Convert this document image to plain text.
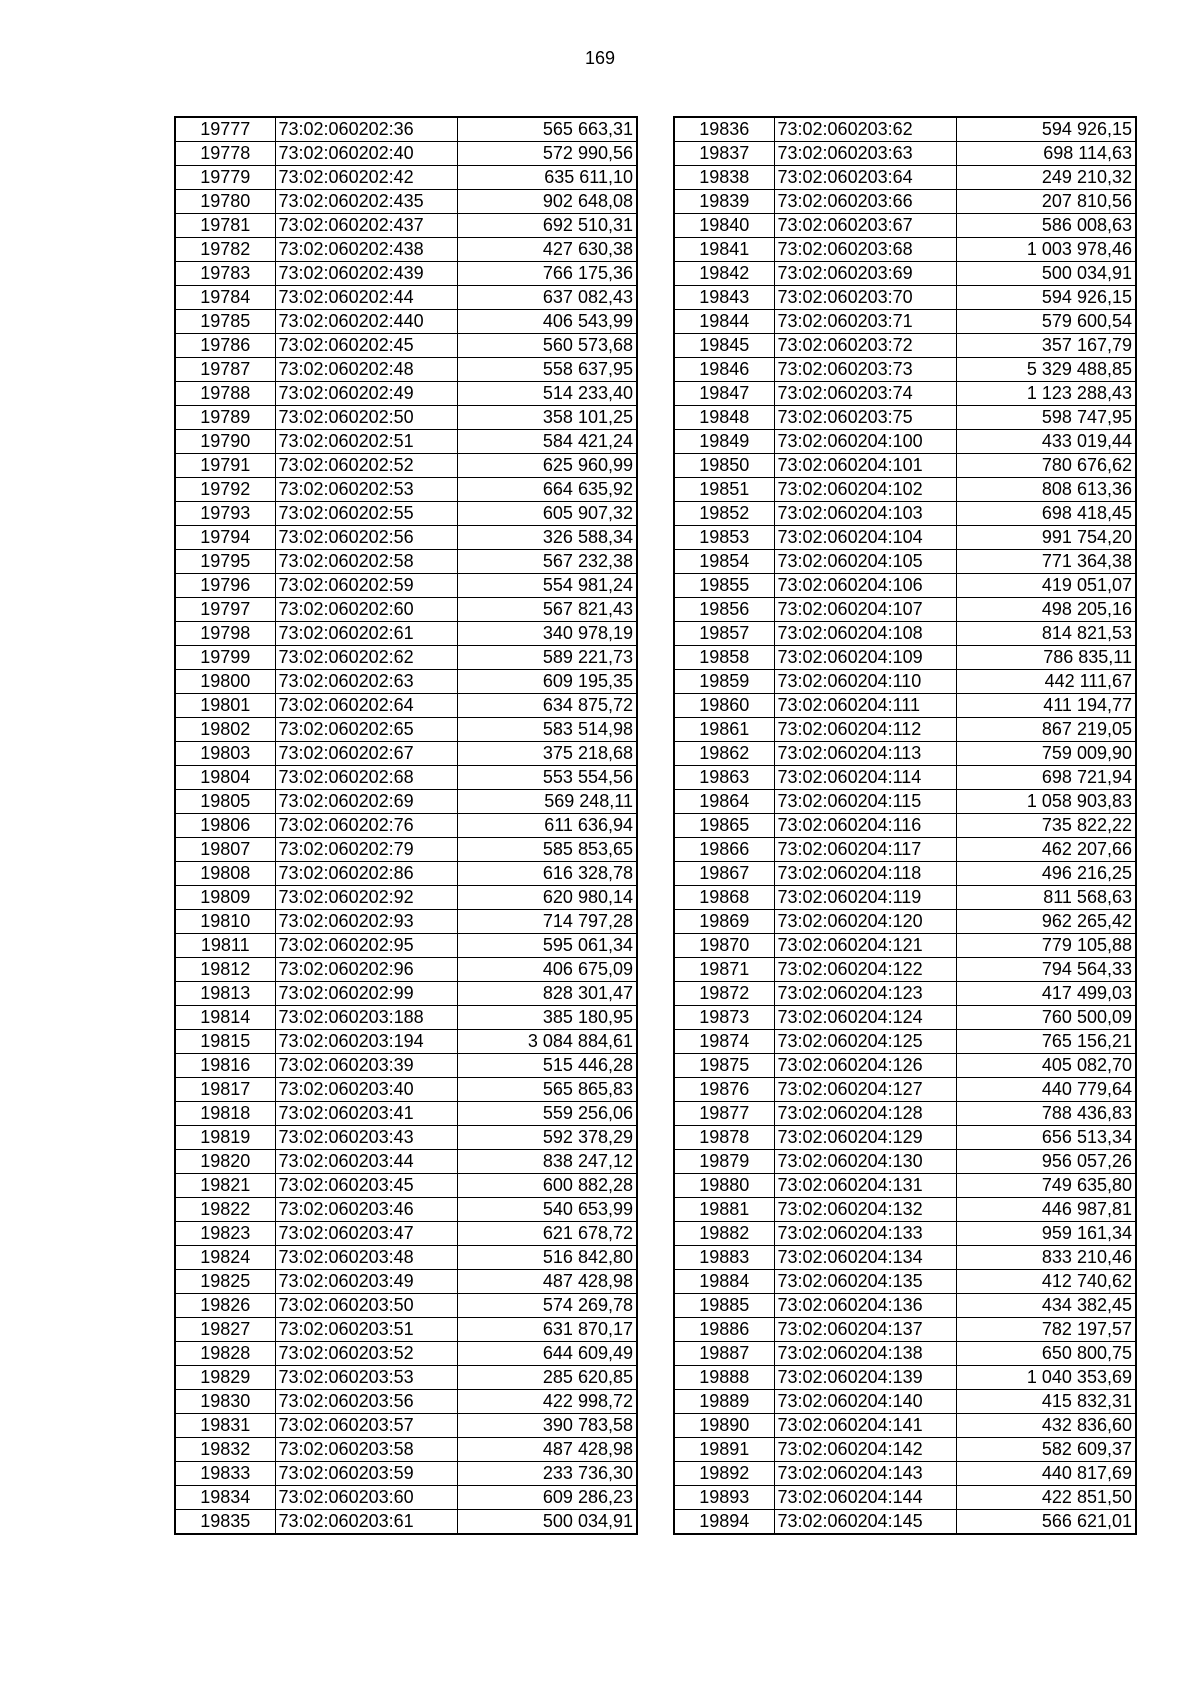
169
19777	73:02:060202:36	565 663,31
19778	73:02:060202:40	572 990,56
19779	73:02:060202:42	635 611,10
19780	73:02:060202:435	902 648,08
19781	73:02:060202:437	692 510,31
19782	73:02:060202:438	427 630,38
19783	73:02:060202:439	766 175,36
19784	73:02:060202:44	637 082,43
19785	73:02:060202:440	406 543,99
19786	73:02:060202:45	560 573,68
19787	73:02:060202:48	558 637,95
19788	73:02:060202:49	514 233,40
19789	73:02:060202:50	358 101,25
19790	73:02:060202:51	584 421,24
19791	73:02:060202:52	625 960,99
19792	73:02:060202:53	664 635,92
19793	73:02:060202:55	605 907,32
19794	73:02:060202:56	326 588,34
19795	73:02:060202:58	567 232,38
19796	73:02:060202:59	554 981,24
19797	73:02:060202:60	567 821,43
19798	73:02:060202:61	340 978,19
19799	73:02:060202:62	589 221,73
19800	73:02:060202:63	609 195,35
19801	73:02:060202:64	634 875,72
19802	73:02:060202:65	583 514,98
19803	73:02:060202:67	375 218,68
19804	73:02:060202:68	553 554,56
19805	73:02:060202:69	569 248,11
19806	73:02:060202:76	611 636,94
19807	73:02:060202:79	585 853,65
19808	73:02:060202:86	616 328,78
19809	73:02:060202:92	620 980,14
19810	73:02:060202:93	714 797,28
19811	73:02:060202:95	595 061,34
19812	73:02:060202:96	406 675,09
19813	73:02:060202:99	828 301,47
19814	73:02:060203:188	385 180,95
19815	73:02:060203:194	3 084 884,61
19816	73:02:060203:39	515 446,28
19817	73:02:060203:40	565 865,83
19818	73:02:060203:41	559 256,06
19819	73:02:060203:43	592 378,29
19820	73:02:060203:44	838 247,12
19821	73:02:060203:45	600 882,28
19822	73:02:060203:46	540 653,99
19823	73:02:060203:47	621 678,72
19824	73:02:060203:48	516 842,80
19825	73:02:060203:49	487 428,98
19826	73:02:060203:50	574 269,78
19827	73:02:060203:51	631 870,17
19828	73:02:060203:52	644 609,49
19829	73:02:060203:53	285 620,85
19830	73:02:060203:56	422 998,72
19831	73:02:060203:57	390 783,58
19832	73:02:060203:58	487 428,98
19833	73:02:060203:59	233 736,30
19834	73:02:060203:60	609 286,23
19835	73:02:060203:61	500 034,91
19836	73:02:060203:62	594 926,15
19837	73:02:060203:63	698 114,63
19838	73:02:060203:64	249 210,32
19839	73:02:060203:66	207 810,56
19840	73:02:060203:67	586 008,63
19841	73:02:060203:68	1 003 978,46
19842	73:02:060203:69	500 034,91
19843	73:02:060203:70	594 926,15
19844	73:02:060203:71	579 600,54
19845	73:02:060203:72	357 167,79
19846	73:02:060203:73	5 329 488,85
19847	73:02:060203:74	1 123 288,43
19848	73:02:060203:75	598 747,95
19849	73:02:060204:100	433 019,44
19850	73:02:060204:101	780 676,62
19851	73:02:060204:102	808 613,36
19852	73:02:060204:103	698 418,45
19853	73:02:060204:104	991 754,20
19854	73:02:060204:105	771 364,38
19855	73:02:060204:106	419 051,07
19856	73:02:060204:107	498 205,16
19857	73:02:060204:108	814 821,53
19858	73:02:060204:109	786 835,11
19859	73:02:060204:110	442 111,67
19860	73:02:060204:111	411 194,77
19861	73:02:060204:112	867 219,05
19862	73:02:060204:113	759 009,90
19863	73:02:060204:114	698 721,94
19864	73:02:060204:115	1 058 903,83
19865	73:02:060204:116	735 822,22
19866	73:02:060204:117	462 207,66
19867	73:02:060204:118	496 216,25
19868	73:02:060204:119	811 568,63
19869	73:02:060204:120	962 265,42
19870	73:02:060204:121	779 105,88
19871	73:02:060204:122	794 564,33
19872	73:02:060204:123	417 499,03
19873	73:02:060204:124	760 500,09
19874	73:02:060204:125	765 156,21
19875	73:02:060204:126	405 082,70
19876	73:02:060204:127	440 779,64
19877	73:02:060204:128	788 436,83
19878	73:02:060204:129	656 513,34
19879	73:02:060204:130	956 057,26
19880	73:02:060204:131	749 635,80
19881	73:02:060204:132	446 987,81
19882	73:02:060204:133	959 161,34
19883	73:02:060204:134	833 210,46
19884	73:02:060204:135	412 740,62
19885	73:02:060204:136	434 382,45
19886	73:02:060204:137	782 197,57
19887	73:02:060204:138	650 800,75
19888	73:02:060204:139	1 040 353,69
19889	73:02:060204:140	415 832,31
19890	73:02:060204:141	432 836,60
19891	73:02:060204:142	582 609,37
19892	73:02:060204:143	440 817,69
19893	73:02:060204:144	422 851,50
19894	73:02:060204:145	566 621,01
